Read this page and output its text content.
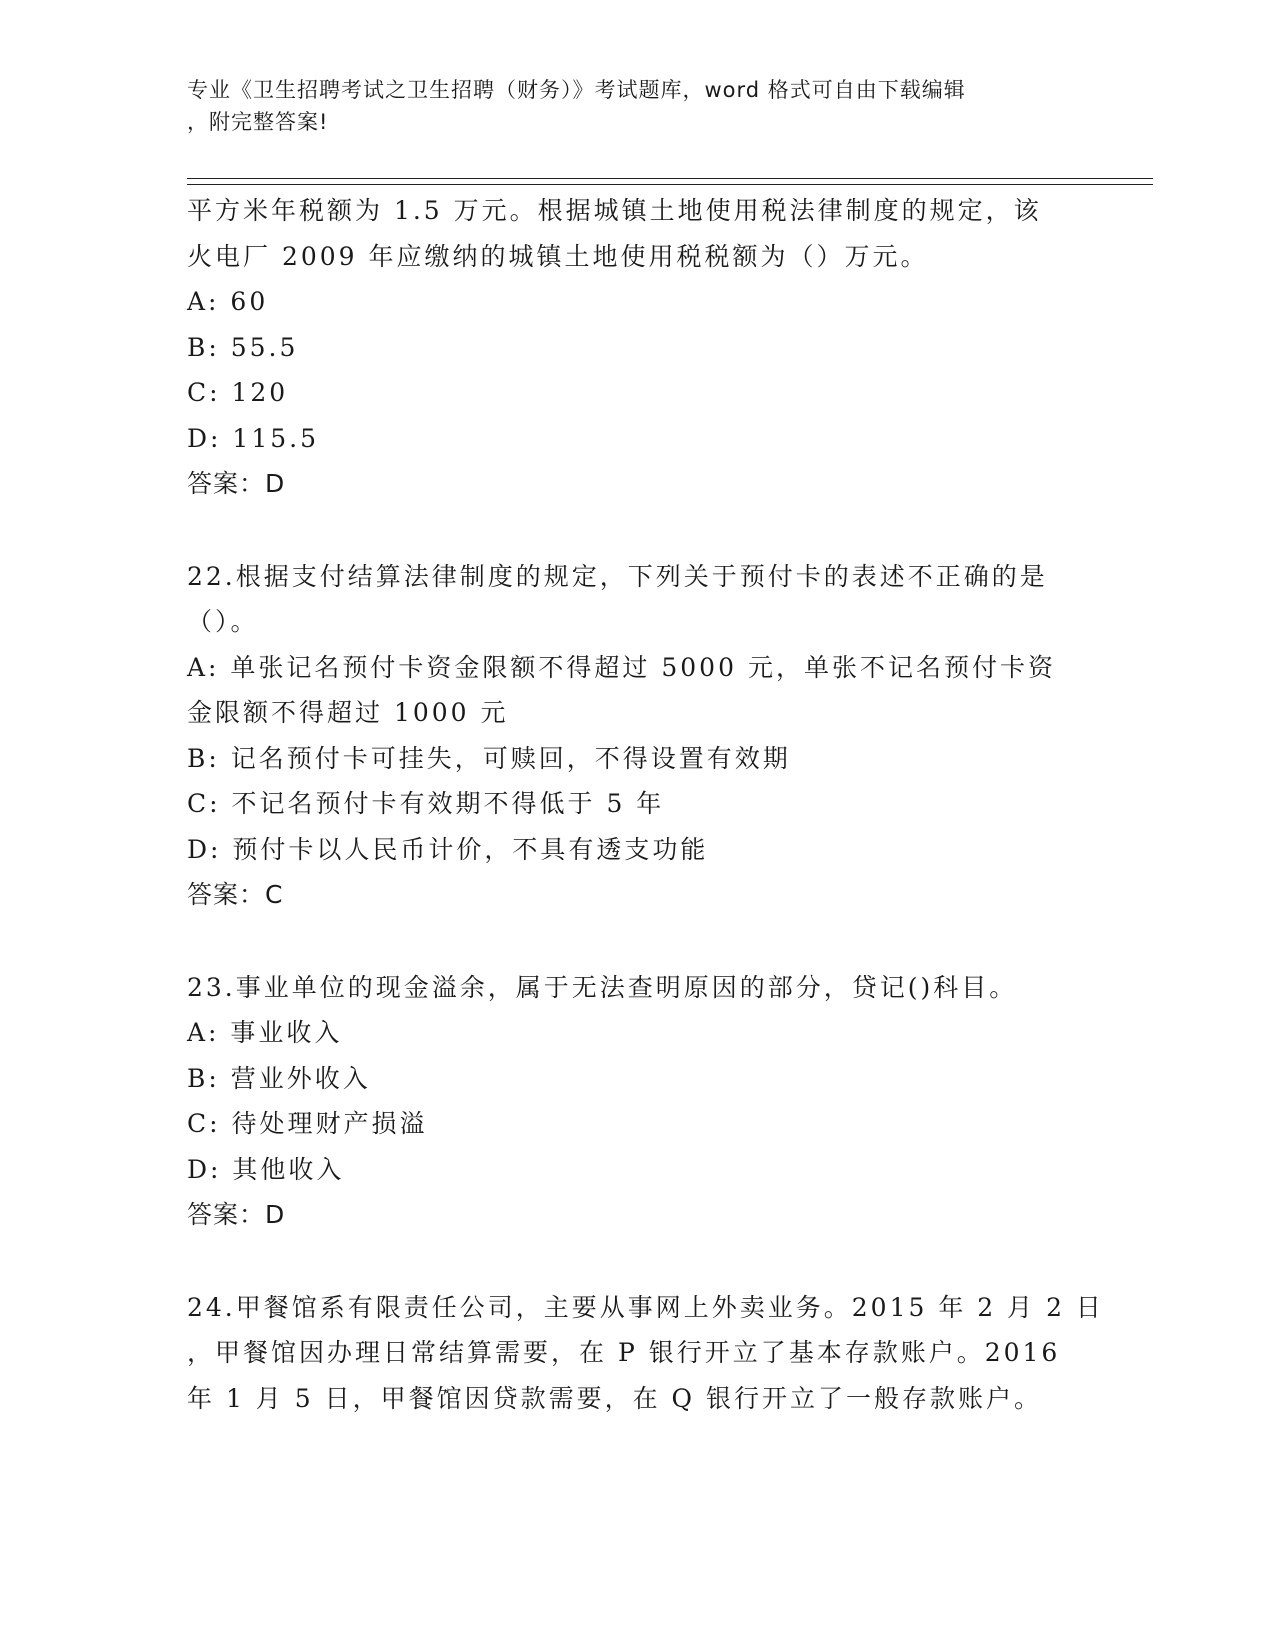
专业《卫生招聘考试之卫生招聘（财务）》考试题库，word 格式可自由下载编辑
，附完整答案!
平方米年税额为 1.5 万元。根据城镇土地使用税法律制度的规定，该
火电厂 2009 年应缴纳的城镇土地使用税税额为（）万元。
A: 60
B: 55.5
C: 120
D: 115.5
答案：D
22.根据支付结算法律制度的规定，下列关于预付卡的表述不正确的是
（）。
A: 单张记名预付卡资金限额不得超过 5000 元，单张不记名预付卡资
金限额不得超过 1000 元
B: 记名预付卡可挂失，可赎回，不得设置有效期
C: 不记名预付卡有效期不得低于 5 年
D: 预付卡以人民币计价，不具有透支功能
答案：C
23.事业单位的现金溢余，属于无法查明原因的部分，贷记()科目。
A: 事业收入
B: 营业外收入
C: 待处理财产损溢
D: 其他收入
答案：D
24.甲餐馆系有限责任公司，主要从事网上外卖业务。2015 年 2 月 2 日
，甲餐馆因办理日常结算需要，在 P 银行开立了基本存款账户。2016
年 1 月 5 日，甲餐馆因贷款需要，在 Q 银行开立了一般存款账户。
